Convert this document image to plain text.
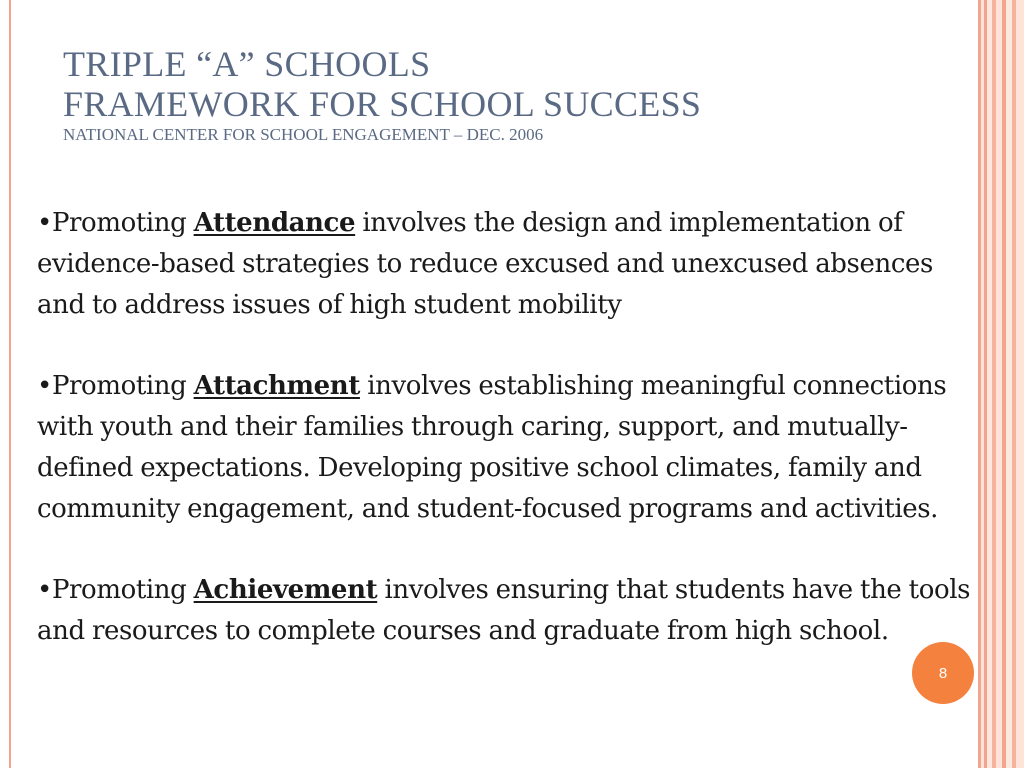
TRIPLE “A” SCHOOLS
FRAMEWORK FOR SCHOOL SUCCESS
NATIONAL CENTER FOR SCHOOL ENGAGEMENT – DEC. 2006

•Promoting Attendance involves the design and implementation of evidence-based strategies to reduce excused and unexcused absences and to address issues of high student mobility

•Promoting Attachment involves establishing meaningful connections with youth and their families through caring, support, and mutually-defined expectations. Developing positive school climates, family and community engagement, and student-focused programs and activities.

•Promoting Achievement involves ensuring that students have the tools and resources to complete courses and graduate from high school.

8
